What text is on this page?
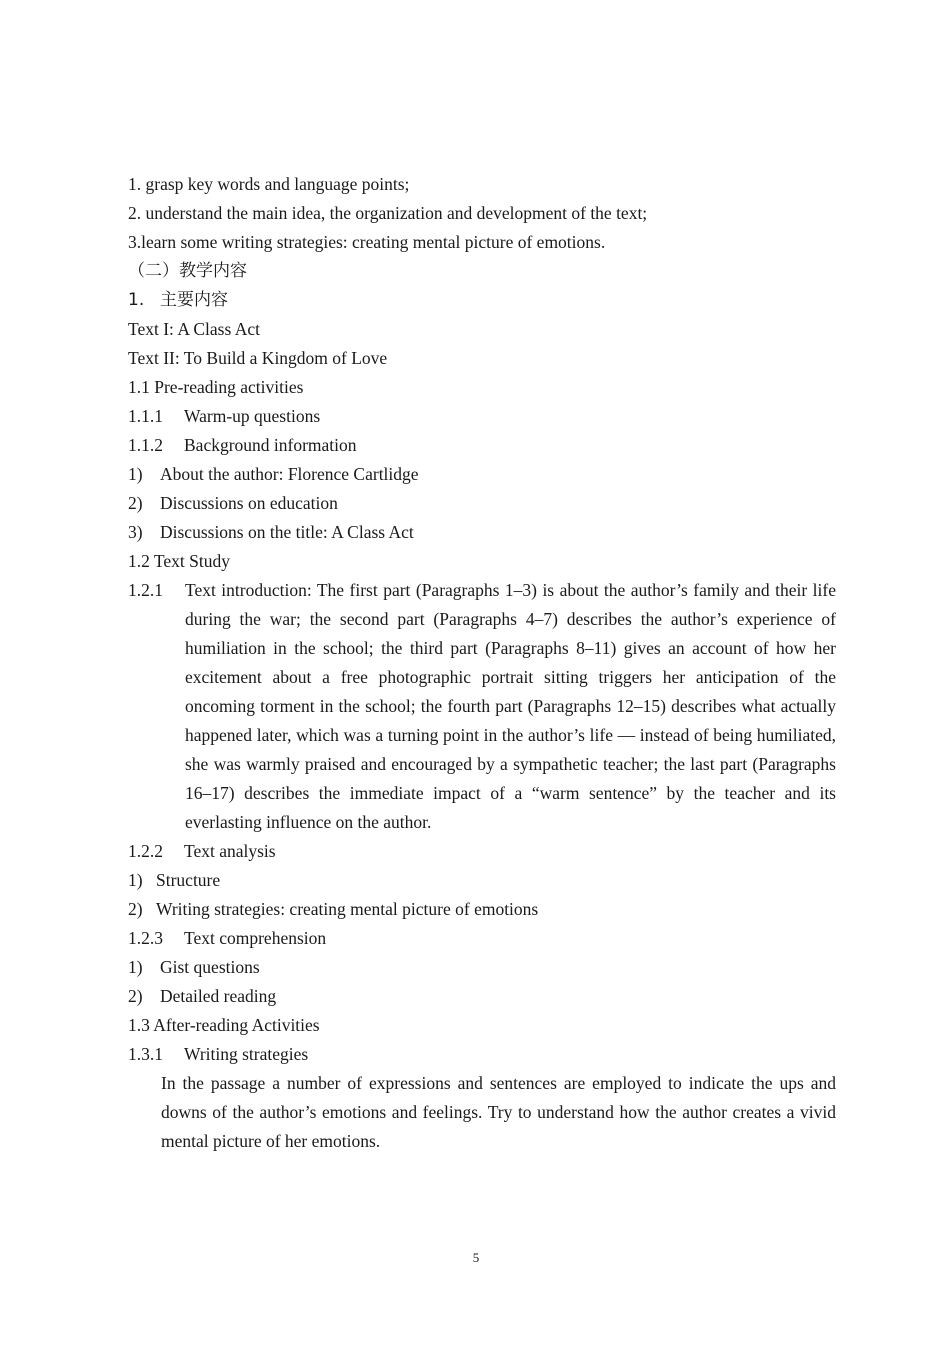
1. grasp key words and language points;
2. understand the main idea, the organization and development of the text;
3.learn some writing strategies: creating mental picture of emotions.
（二）教学内容
1. 主要内容
Text I: A Class Act
Text II: To Build a Kingdom of Love
1.1 Pre-reading activities
1.1.1 Warm-up questions
1.1.2 Background information
1) About the author: Florence Cartlidge
2) Discussions on education
3) Discussions on the title: A Class Act
1.2 Text Study
1.2.1	Text introduction: The first part (Paragraphs 1–3) is about the author’s family and their life during the war; the second part (Paragraphs 4–7) describes the author’s experience of humiliation in the school; the third part (Paragraphs 8–11) gives an account of how her excitement about a free photographic portrait sitting triggers her anticipation of the oncoming torment in the school; the fourth part (Paragraphs 12–15) describes what actually happened later, which was a turning point in the author’s life — instead of being humiliated, she was warmly praised and encouraged by a sympathetic teacher; the last part (Paragraphs 16–17) describes the immediate impact of a “warm sentence” by the teacher and its everlasting influence on the author.
1.2.2 Text analysis
1) Structure
2) Writing strategies: creating mental picture of emotions
1.2.3 Text comprehension
1) Gist questions
2) Detailed reading
1.3 After-reading Activities
1.3.1 Writing strategies
In the passage a number of expressions and sentences are employed to indicate the ups and downs of the author’s emotions and feelings. Try to understand how the author creates a vivid mental picture of her emotions.
5
